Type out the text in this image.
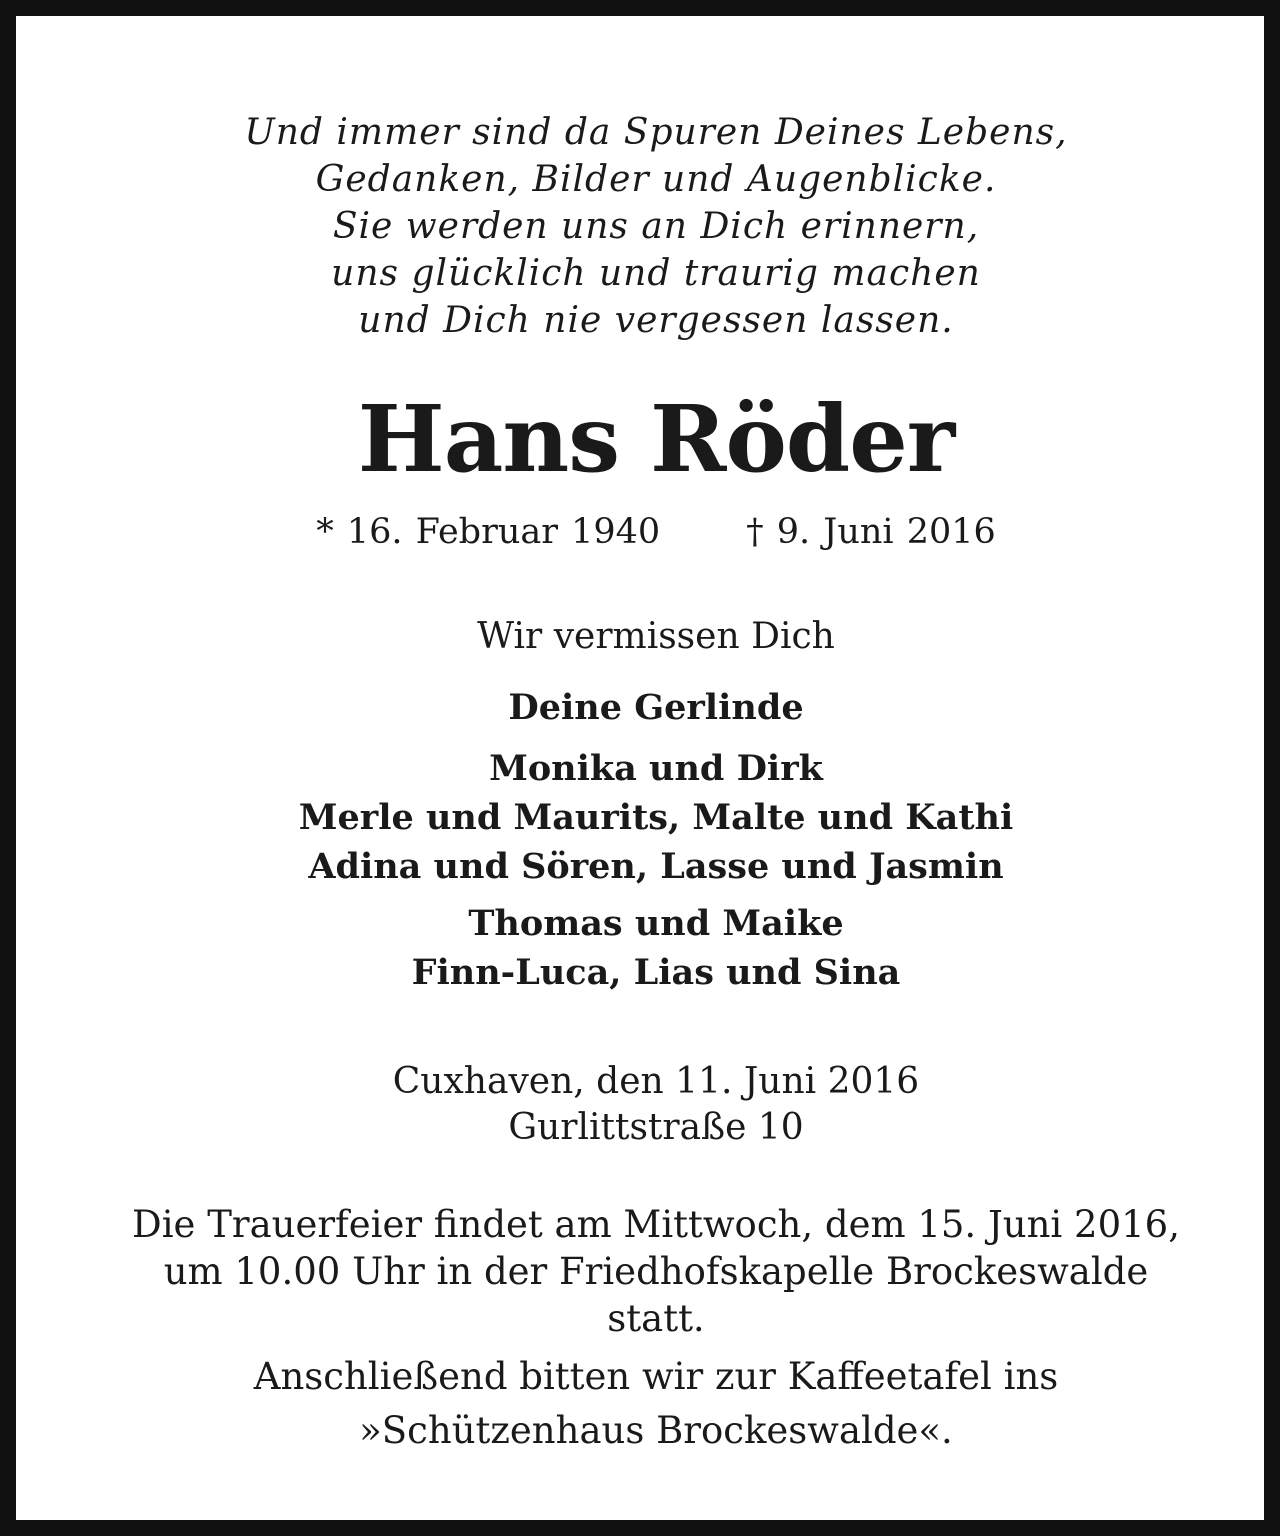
Und immer sind da Spuren Deines Lebens,
Gedanken, Bilder und Augenblicke.
Sie werden uns an Dich erinnern,
uns glücklich und traurig machen
und Dich nie vergessen lassen.
Hans Röder
* 16. Februar 1940 † 9. Juni 2016
Wir vermissen Dich
Deine Gerlinde
Monika und Dirk
Merle und Maurits, Malte und Kathi
Adina und Sören, Lasse und Jasmin
Thomas und Maike
Finn-Luca, Lias und Sina
Cuxhaven, den 11. Juni 2016
Gurlittstraße 10
Die Trauerfeier findet am Mittwoch, dem 15. Juni 2016,
um 10.00 Uhr in der Friedhofskapelle Brockeswalde
statt.
Anschließend bitten wir zur Kaffeetafel ins
»Schützenhaus Brockeswalde«.
